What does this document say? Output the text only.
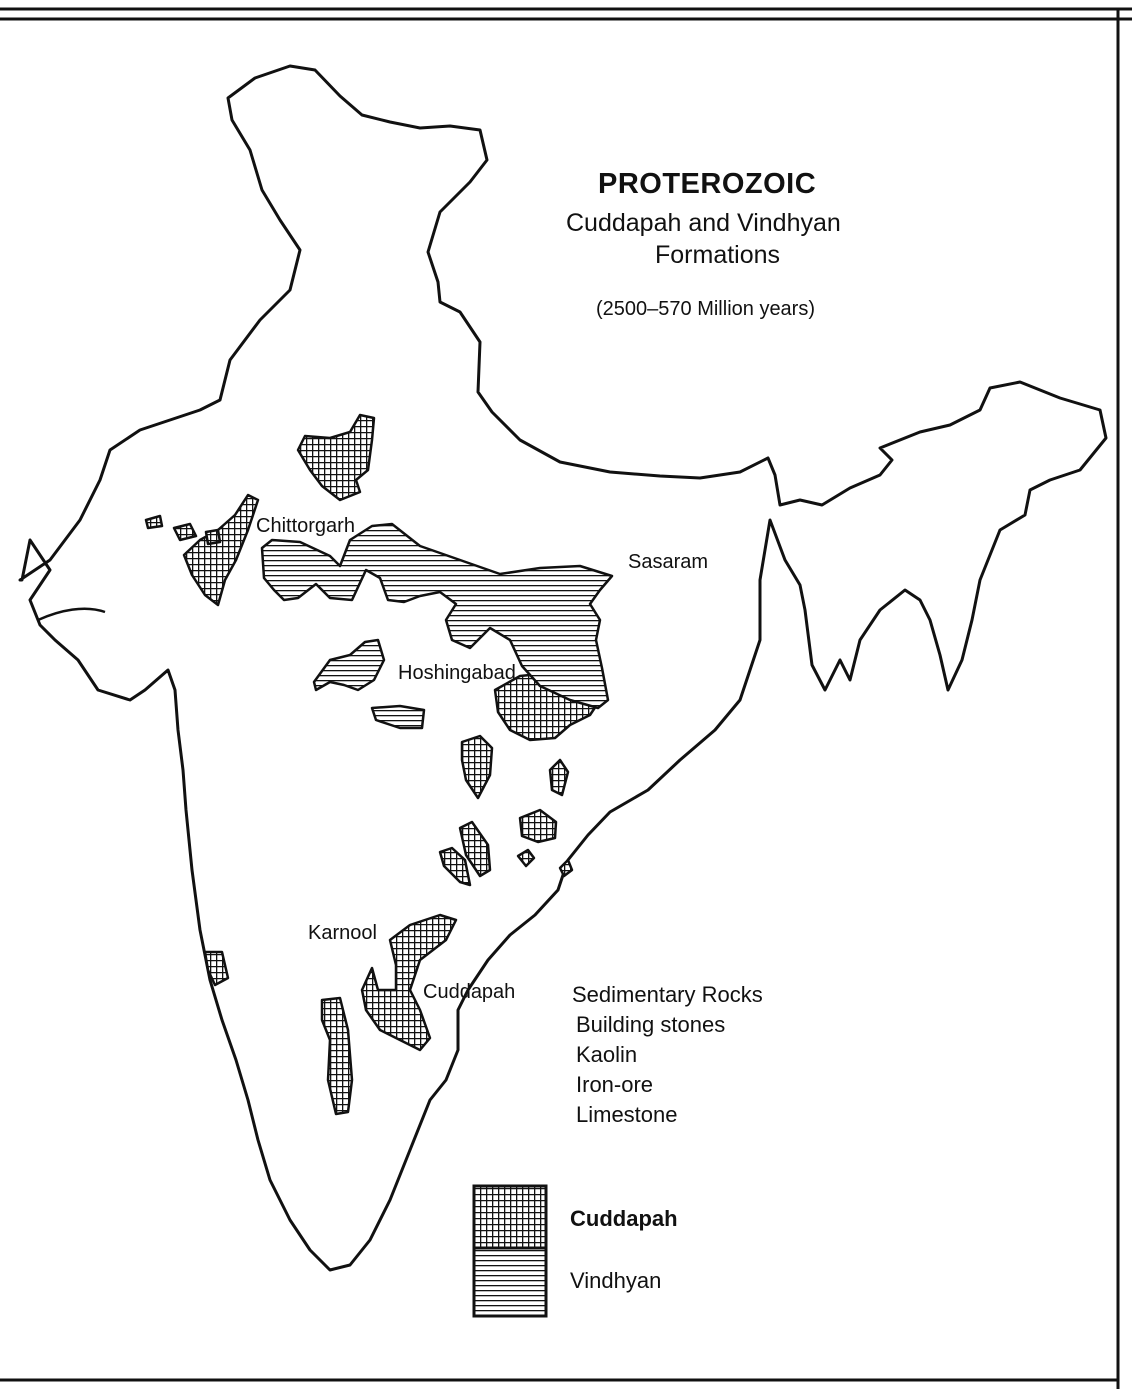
PROTEROZOIC

Cuddapah and Vindhyan

Formations

(2500–570 Million years)

Chittorgarh

Sasaram

Hoshingabad

Karnool

Cuddapah	Sedimentary Rocks
Building stones
Kaolin
Iron-ore
Limestone

Cuddapah

Vindhyan
